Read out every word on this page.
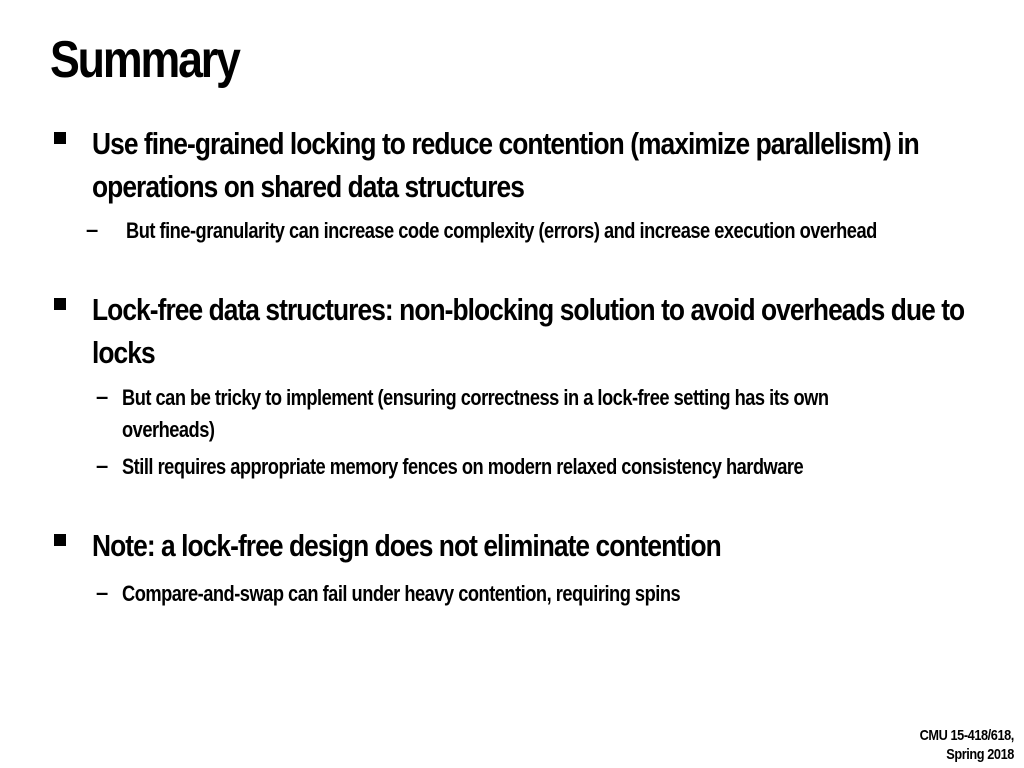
Summary
Use fine-grained locking to reduce contention (maximize parallelism) in operations on shared data structures
– But fine-granularity can increase code complexity (errors) and increase execution overhead
Lock-free data structures: non-blocking solution to avoid overheads due to locks
– But can be tricky to implement (ensuring correctness in a lock-free setting has its own overheads)
– Still requires appropriate memory fences on modern relaxed consistency hardware
Note: a lock-free design does not eliminate contention
– Compare-and-swap can fail under heavy contention, requiring spins
CMU 15-418/618,
Spring 2018
